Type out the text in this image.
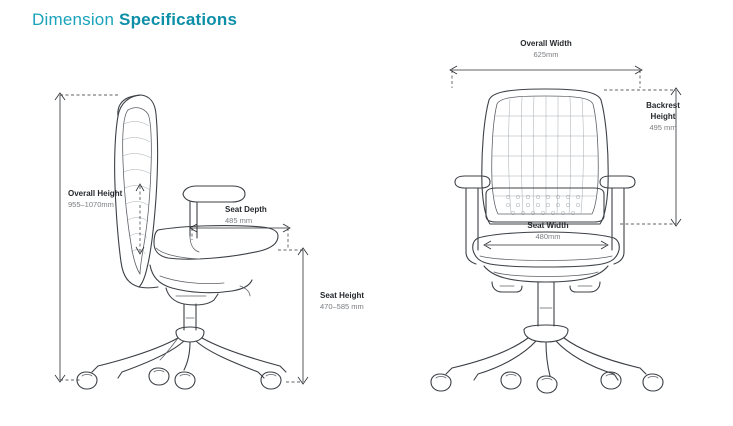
Dimension Specifications
Overall Height
955–1070mm
Seat Depth
485 mm
Seat Height
470–585 mm
Overall Width
625mm
Backrest
Height
495 mm
Seat Width
480mm
